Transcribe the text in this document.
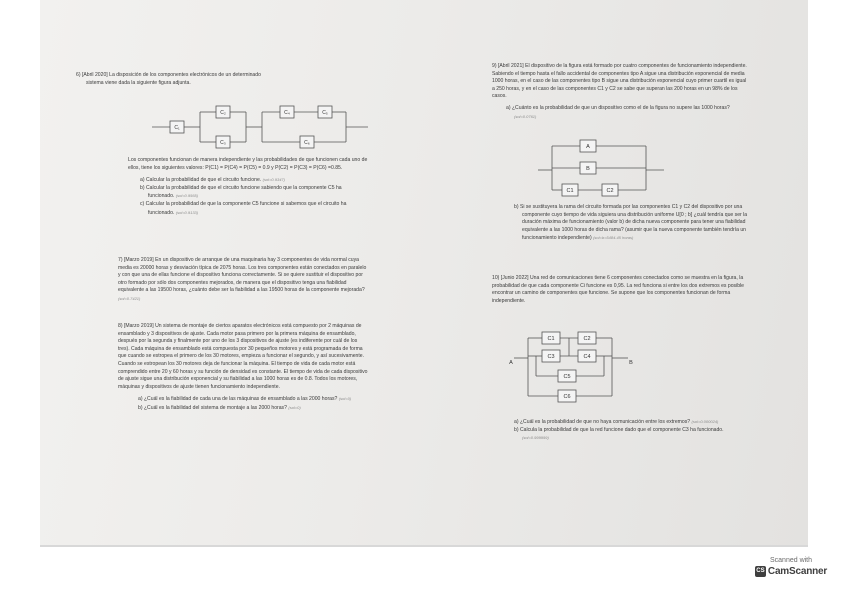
6) [Abril 2020] La disposición de los componentes electrónicos de un determinado

sistema viene dada la siguiente figura adjunta.

C₁
C₂
C₃
C₄	C₅
C₆

Los componentes funcionan de manera independiente y las probabilidades de que funcionen cada uno de ellos, tiene los siguientes valores: P(C1) = P(C4) = P(C5) = 0.9 y P(C2) = P(C3) = P(C6) =0.85.

a) Calcular la probabilidad de que el circuito funcione. (sol=0.9347)

b) Calcular la probabilidad de que el circuito funcione sabiendo que la componente C5 ha funcionado. (sol=0.9565)

c) Calcular la probabilidad de que la componente C5 funcione si sabemos que el circuito ha funcionado. (sol=0.9133)

7) [Marzo 2019] En un dispositivo de arranque de una maquinaria hay 3 componentes de vida normal cuya media es 20000 horas y desviación típica de 2075 horas. Los tres componentes están conectados en paralelo y con que una de ellas funcione el dispositivo funciona correctamente. Si se quiere sustituir el dispositivo por otro formado por sólo dos componentes mejorados, de manera que el dispositivo tenga una fiabilidad equivalente a las 19500 horas, ¿cuánto debe ser la fiabilidad a las 19500 horas de la componente mejorada? (sol=0.7421)

8) [Marzo 2019] Un sistema de montaje de ciertos aparatos electrónicos está compuesto por 2 máquinas de ensamblado y 3 dispositivos de ajuste. Cada motor pasa primero por la primera máquina de ensamblado, después por la segunda y finalmente por uno de los 3 dispositivos de ajuste (es indiferente por cuál de los tres). Cada máquina de ensamblado está compuesta por 30 pequeños motores y está programada de forma que cuando se estropea el primero de los 30 motores, empieza a funcionar el segundo, y así sucesivamente. Cuando se estropean los 30 motores deja de funcionar la máquina. El tiempo de vida de cada motor está comprendido entre 20 y 60 horas y su función de densidad es constante. El tiempo de vida de cada dispositivo de ajuste sigue una distribución exponencial y su fiabilidad a las 1000 horas es de 0.8. Todos los motores, máquinas y dispositivos de ajuste tienen funcionamiento independiente.

a) ¿Cuál es la fiabilidad de cada una de las máquinas de ensamblado a las 2000 horas? (sol=0)

b) ¿Cuál es la fiabilidad del sistema de montaje a las 2000 horas? (sol=0)

9) [Abril 2021] El dispositivo de la figura está formado por cuatro componentes de funcionamiento independiente. Sabiendo el tiempo hasta el fallo accidental de componentes tipo A sigue una distribución exponencial de media 1000 horas, en el caso de las componentes tipo B sigue una distribución exponencial cuyo primer cuartil es igual a 250 horas, y en el caso de las componentes C1 y C2 se sabe que superan las 200 horas en un 98% de los casos.

a) ¿Cuánto es la probabilidad de que un dispositivo como el de la figura no supere las 1000 horas? (sol=0.0761)

A
B
C1	C2

b) Si se sustituyera la rama del circuito formada por las componentes C1 y C2 del dispositivo por una componente cuyo tiempo de vida siguiera una distribución uniforme U[0 ; b] ¿cuál tendría que ser la duración máxima de funcionamiento (valor b) de dicha nueva componente para tener una fiabilidad equivalente a las 1000 horas de dicha rama? (asumir que la nueva componente también tendría un funcionamiento independiente) (sol=b=5484.45 horas)

10) [Junio 2022] Una red de comunicaciones tiene 6 componentes conectados como se muestra en la figura, la probabilidad de que cada componente Ci funcione es 0,95. La red funciona si entre los dos extremos es posible encontrar un camino de componentes que funcione. Se supone que los componentes funcionan de forma independiente.

A	B
C1	C2
C3	C4
C5
C6

a) ¿Cuál es la probabilidad de que no haya comunicación entre los extremos? (sol=0.000024)

b) Calcula la probabilidad de que la red funcione dado que el componente C3 ha funcionado. (sol=0.999999)

Scanned with
CS CamScanner
